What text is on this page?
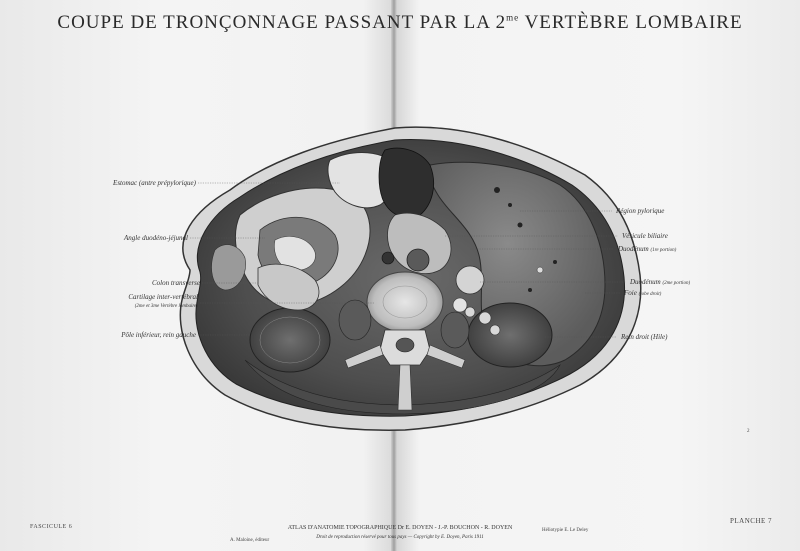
COUPE DE TRONÇONNAGE PASSANT PAR LA $2^{me}$ VERTÈBRE LOMBAIRE
Estomac (antre prépylorique)
Angle duodéno-jéjunal
Colon transverse
Cartilage inter-vertébral
(2me et 3me Vertèbre lombaire)
Pôle inférieur, rein gauche
Région pylorique
Vésicule biliaire
Duodénum (1re portion)
Duodénum (2me portion)
Foie (lobe droit)
Rein droit (Hile)
FASCICULE 6
PLANCHE 7
ATLAS D'ANATOMIE TOPOGRAPHIQUE Dr E. DOYEN - J.-P. BOUCHON - R. DOYEN
Droit de reproduction réservé pour tous pays — Copyright by E. Doyen, Paris 1911
A. Maloine, éditeur
Héliotypie E. Le Deley
2
